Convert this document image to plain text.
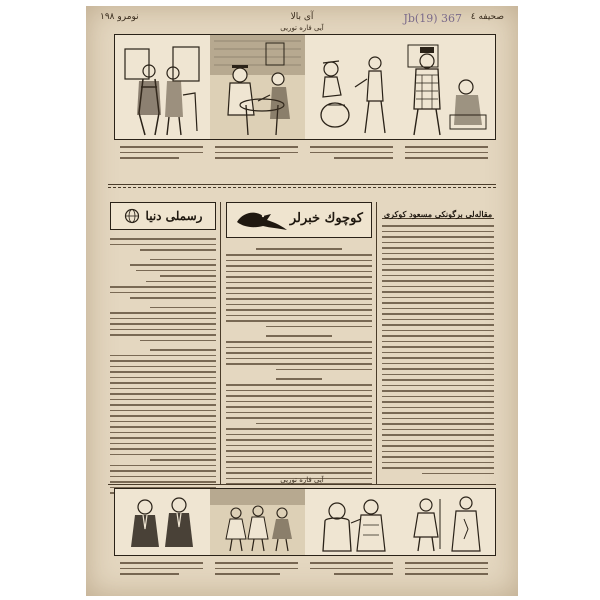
نومرو ١٩٨	آى بالا	صحيفه ٤
Jb(19) 367
آيى فاره توريى
رسملى دنيا	كوچوك خبرلر	مقالەلى برگونكى مسعود كوكرى
آيى فاره توريى
